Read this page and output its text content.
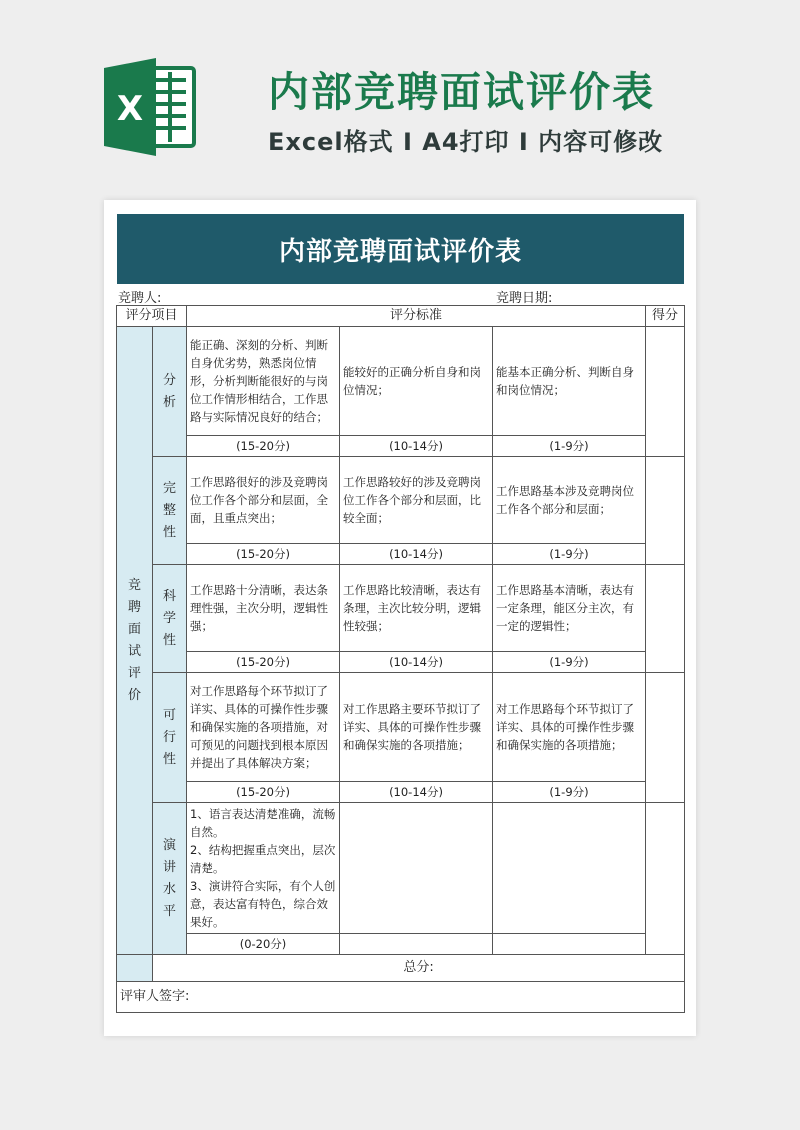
X	内部竞聘面试评价表
Excel格式 Ⅰ A4打印 Ⅰ 内容可修改
内部竞聘面试评价表
竞聘人:	竞聘日期:
评分项目		评分标准			得分
竞聘面试评价	分析	能正确、深刻的分析、判断自身优劣势，熟悉岗位情形，分析判断能很好的与岗位工作情形相结合，工作思路与实际情况良好的结合；	能较好的正确分析自身和岗位情况；	能基本正确分析、判断自身和岗位情况；	
		(15-20分)	(10-14分)	(1-9分)	
	完整性	工作思路很好的涉及竞聘岗位工作各个部分和层面，全面，且重点突出；	工作思路较好的涉及竞聘岗位工作各个部分和层面，比较全面；	工作思路基本涉及竞聘岗位工作各个部分和层面；	
		(15-20分)	(10-14分)	(1-9分)	
	科学性	工作思路十分清晰，表达条理性强，主次分明，逻辑性强；	工作思路比较清晰，表达有条理，主次比较分明，逻辑性较强；	工作思路基本清晰，表达有一定条理，能区分主次，有一定的逻辑性；	
		(15-20分)	(10-14分)	(1-9分)	
	可行性	对工作思路每个环节拟订了详实、具体的可操作性步骤和确保实施的各项措施，对可预见的问题找到根本原因并提出了具体解决方案；	对工作思路主要环节拟订了详实、具体的可操作性步骤和确保实施的各项措施；	对工作思路每个环节拟订了详实、具体的可操作性步骤和确保实施的各项措施；	
		(15-20分)	(10-14分)	(1-9分)	
	演讲水平	1、语言表达清楚准确，流畅自然。
2、结构把握重点突出，层次清楚。
3、演讲符合实际，有个人创意，表达富有特色，综合效果好。			
		(0-20分)			
	总分:				
评审人签字:					
